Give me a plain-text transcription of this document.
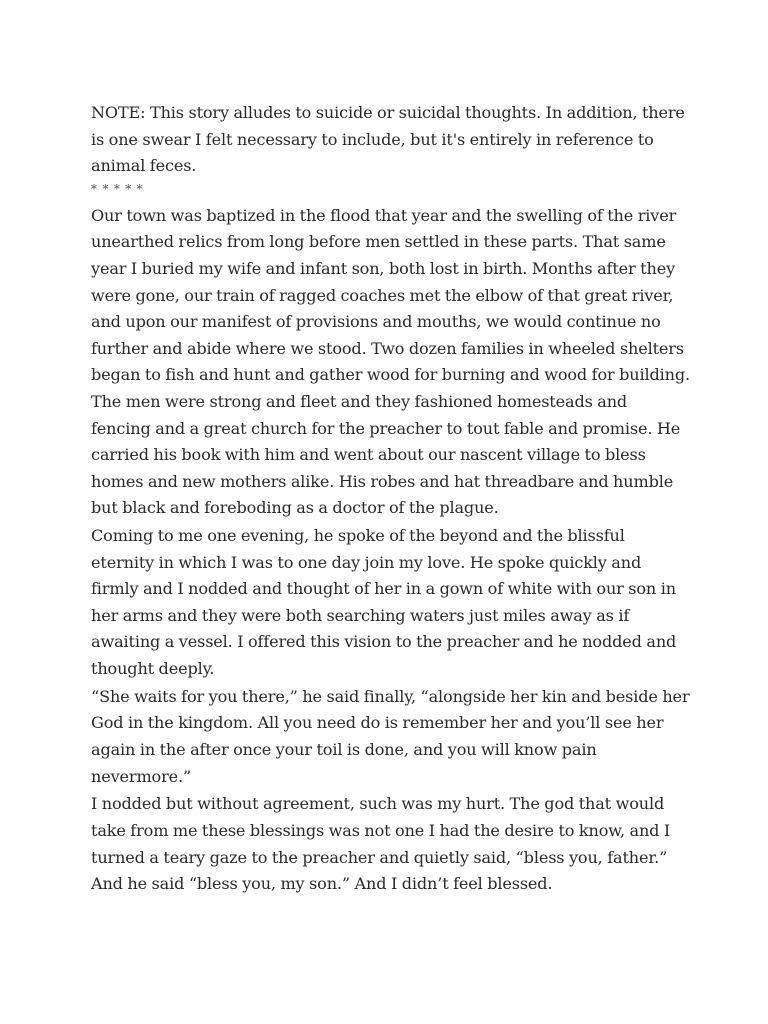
NOTE: This story alludes to suicide or suicidal thoughts. In addition, there is one swear I felt necessary to include, but it's entirely in reference to animal feces.

* * * * *

Our town was baptized in the flood that year and the swelling of the river unearthed relics from long before men settled in these parts. That same year I buried my wife and infant son, both lost in birth. Months after they were gone, our train of ragged coaches met the elbow of that great river, and upon our manifest of provisions and mouths, we would continue no further and abide where we stood. Two dozen families in wheeled shelters began to fish and hunt and gather wood for burning and wood for building. The men were strong and fleet and they fashioned homesteads and fencing and a great church for the preacher to tout fable and promise. He carried his book with him and went about our nascent village to bless homes and new mothers alike. His robes and hat threadbare and humble but black and foreboding as a doctor of the plague.

Coming to me one evening, he spoke of the beyond and the blissful eternity in which I was to one day join my love. He spoke quickly and firmly and I nodded and thought of her in a gown of white with our son in her arms and they were both searching waters just miles away as if awaiting a vessel. I offered this vision to the preacher and he nodded and thought deeply.

“She waits for you there,” he said finally, “alongside her kin and beside her God in the kingdom. All you need do is remember her and you’ll see her again in the after once your toil is done, and you will know pain nevermore.”

I nodded but without agreement, such was my hurt. The god that would take from me these blessings was not one I had the desire to know, and I turned a teary gaze to the preacher and quietly said, “bless you, father.” And he said “bless you, my son.” And I didn’t feel blessed.
